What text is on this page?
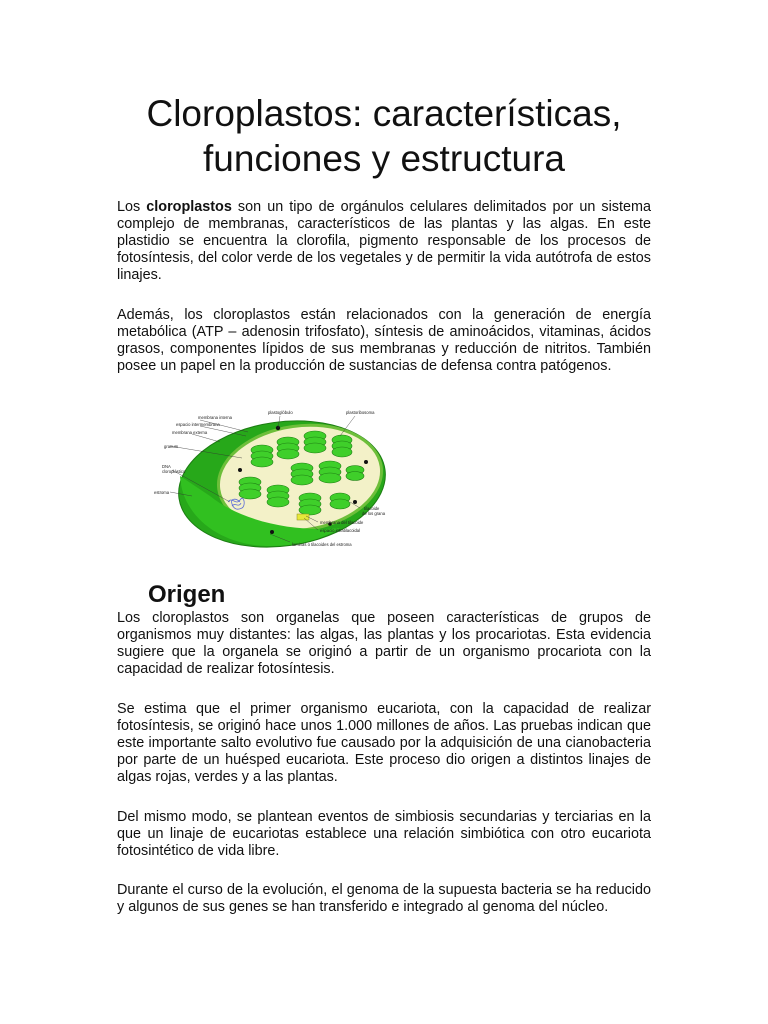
Cloroplastos: características,
funciones y estructura

Los cloroplastos son un tipo de orgánulos celulares delimitados por un sistema complejo de membranas, característicos de las plantas y las algas. En este plastidio se encuentra la clorofila, pigmento responsable de los procesos de fotosíntesis, del color verde de los vegetales y de permitir la vida autótrofa de estos linajes.

Además, los cloroplastos están relacionados con la generación de energía metabólica (ATP – adenosin trifosfato), síntesis de aminoácidos, vitaminas, ácidos grasos, componentes lípidos de sus membranas y reducción de nitritos. También posee un papel en la producción de sustancias de defensa contra patógenos.

membrana interna
espacio intermembrana
membrana externa
granum
DNA
cloroplástico
estroma
plastoglóbulo	plastoribosoma
tilacoide
de los grana
membrana del tilacoide
espacio intratilacoidal
laminas o tilacoides del estroma
Origen

Los cloroplastos son organelas que poseen características de grupos de organismos muy distantes: las algas, las plantas y los procariotas. Esta evidencia sugiere que la organela se originó a partir de un organismo procariota con la capacidad de realizar fotosíntesis.

Se estima que el primer organismo eucariota, con la capacidad de realizar fotosíntesis, se originó hace unos 1.000 millones de años. Las pruebas indican que este importante salto evolutivo fue causado por la adquisición de una cianobacteria por parte de un huésped eucariota. Este proceso dio origen a distintos linajes de algas rojas, verdes y a las plantas.

Del mismo modo, se plantean eventos de simbiosis secundarias y terciarias en la que un linaje de eucariotas establece una relación simbiótica con otro eucariota fotosintético de vida libre.

Durante el curso de la evolución, el genoma de la supuesta bacteria se ha reducido y algunos de sus genes se han transferido e integrado al genoma del núcleo.
